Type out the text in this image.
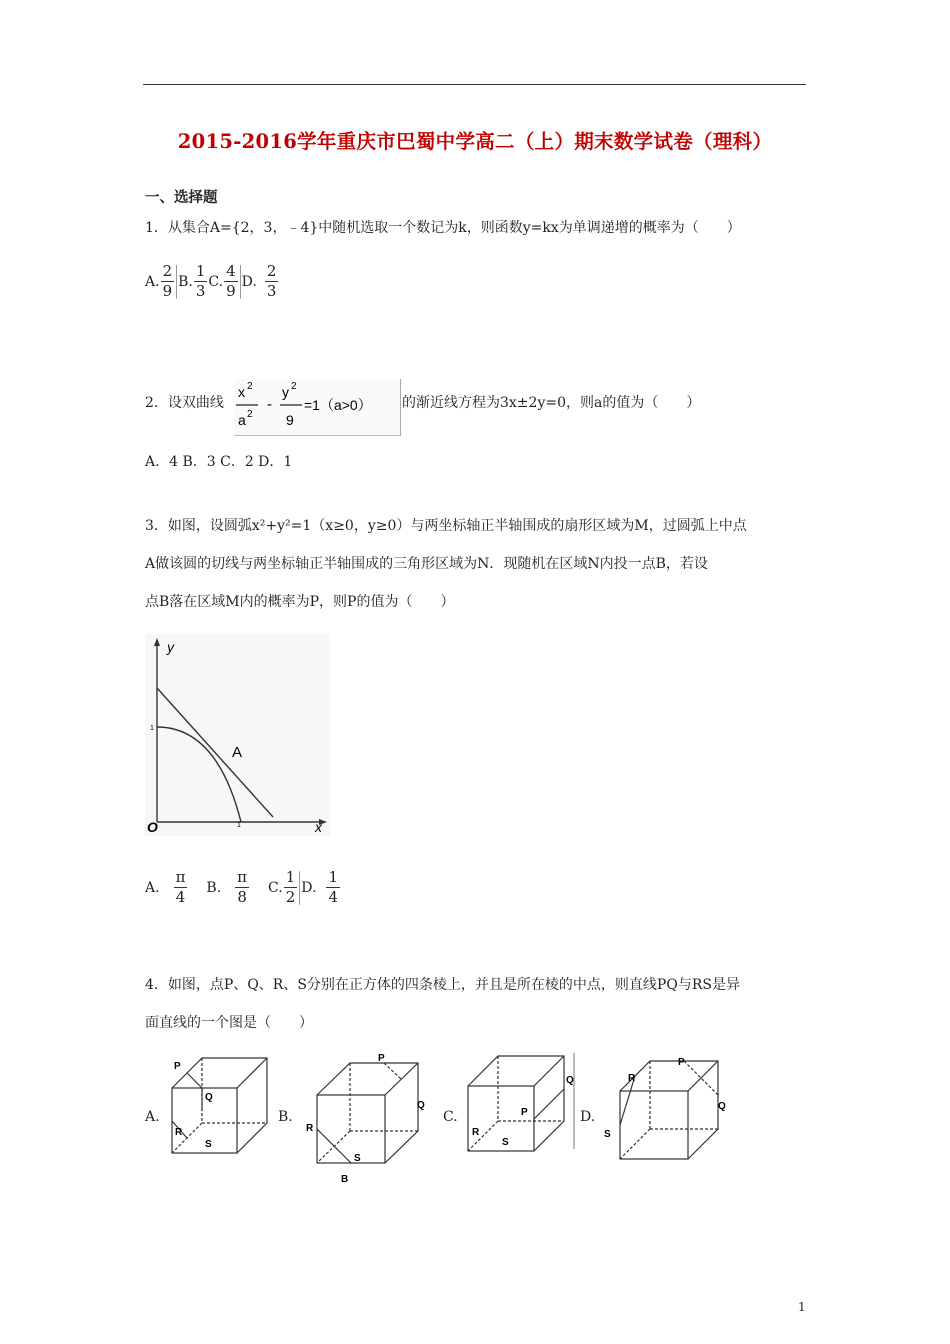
2015-2016学年重庆市巴蜀中学高二（上）期末数学试卷（理科）
一、选择题
1．从集合A={2，3，﹣4}中随机选取一个数记为k，则函数y=kx为单调递增的概率为（　　）
A. $\frac{2}{9} B$. $\frac{1}{3} C$. $\frac{4}{9} D$. $\frac{2}{3}$
2．设双曲线
x 2
a 2
-
y 2
9
=1（a>0） 的渐近线方程为3x±2y=0，则a的值为（　　）
A．4 B．3 C．2 D．1
3．如图，设圆弧x²+y²=1（x≥0，y≥0）与两坐标轴正半轴围成的扇形区域为M，过圆弧上中点
A做该圆的切线与两坐标轴正半轴围成的三角形区域为N．现随机在区域N内投一点B，若设
点B落在区域M内的概率为P，则P的值为（　　）
y
x
O
A
1
1
A. $\frac{\pi}{4} B$. $\frac{\pi}{8} C$. $\frac{1}{2} D$. $\frac{1}{4}$
4．如图，点P、Q、R、S分别在正方体的四条棱上，并且是所在棱的中点，则直线PQ与RS是异
面直线的一个图是（　　）
A.
P
Q
R
S
B.
P
Q
R
S
B
C.	P
Q
R
S
D.
P
Q
R
S
1
